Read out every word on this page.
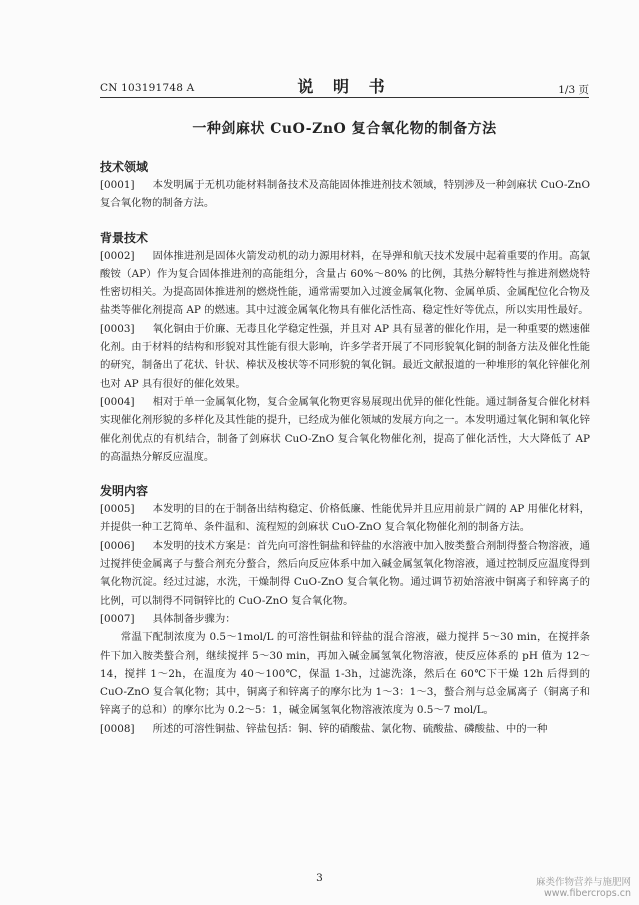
CN 103191748 A	说 明 书	1/3 页
一种剑麻状 CuO-ZnO 复合氧化物的制备方法
技术领域

[0001] 本发明属于无机功能材料制备技术及高能固体推进剂技术领域，特别涉及一种剑麻状 CuO-ZnO 复合氧化物的制备方法。

背景技术

[0002] 固体推进剂是固体火箭发动机的动力源用材料，在导弹和航天技术发展中起着重要的作用。高氯酸铵（AP）作为复合固体推进剂的高能组分，含量占 60%～80% 的比例，其热分解特性与推进剂燃烧特性密切相关。为提高固体推进剂的燃烧性能，通常需要加入过渡金属氧化物、金属单质、金属配位化合物及盐类等催化剂提高 AP 的燃速。其中过渡金属氧化物具有催化活性高、稳定性好等优点，所以实用性最好。

[0003] 氧化铜由于价廉、无毒且化学稳定性强，并且对 AP 具有显著的催化作用，是一种重要的燃速催化剂。由于材料的结构和形貌对其性能有很大影响，许多学者开展了不同形貌氧化铜的制备方法及催化性能的研究，制备出了花状、针状、棒状及梭状等不同形貌的氧化铜。最近文献报道的一种堆形的氧化锌催化剂也对 AP 具有很好的催化效果。

[0004] 相对于单一金属氧化物，复合金属氧化物更容易展现出优异的催化性能。通过制备复合催化材料实现催化剂形貌的多样化及其性能的提升，已经成为催化领域的发展方向之一。本发明通过氧化铜和氧化锌催化剂优点的有机结合，制备了剑麻状 CuO-ZnO 复合氧化物催化剂，提高了催化活性，大大降低了 AP 的高温热分解反应温度。

发明内容

[0005] 本发明的目的在于制备出结构稳定、价格低廉、性能优异并且应用前景广阔的 AP 用催化材料，并提供一种工艺简单、条件温和、流程短的剑麻状 CuO-ZnO 复合氧化物催化剂的制备方法。

[0006] 本发明的技术方案是：首先向可溶性铜盐和锌盐的水溶液中加入胺类螯合剂制得螯合物溶液，通过搅拌使金属离子与螯合剂充分螯合，然后向反应体系中加入碱金属氢氧化物溶液，通过控制反应温度得到氧化物沉淀。经过过滤，水洗，干燥制得 CuO-ZnO 复合氧化物。通过调节初始溶液中铜离子和锌离子的比例，可以制得不同铜锌比的 CuO-ZnO 复合氧化物。

[0007] 具体制备步骤为：

常温下配制浓度为 0.5～1mol/L 的可溶性铜盐和锌盐的混合溶液，磁力搅拌 5～30 min，在搅拌条件下加入胺类螯合剂，继续搅拌 5～30 min，再加入碱金属氢氧化物溶液，使反应体系的 pH 值为 12～14，搅拌 1～2h，在温度为 40～100℃，保温 1-3h，过滤洗涤，然后在 60℃下干燥 12h 后得到的 CuO-ZnO 复合氧化物；其中，铜离子和锌离子的摩尔比为 1～3：1～3，螯合剂与总金属离子（铜离子和锌离子的总和）的摩尔比为 0.2～5：1，碱金属氢氧化物溶液浓度为 0.5～7 mol/L。

[0008] 所述的可溶性铜盐、锌盐包括：铜、锌的硝酸盐、氯化物、硫酸盐、磷酸盐、中的一种

3	麻类作物营养与施肥网
www.fibercrops.cn
